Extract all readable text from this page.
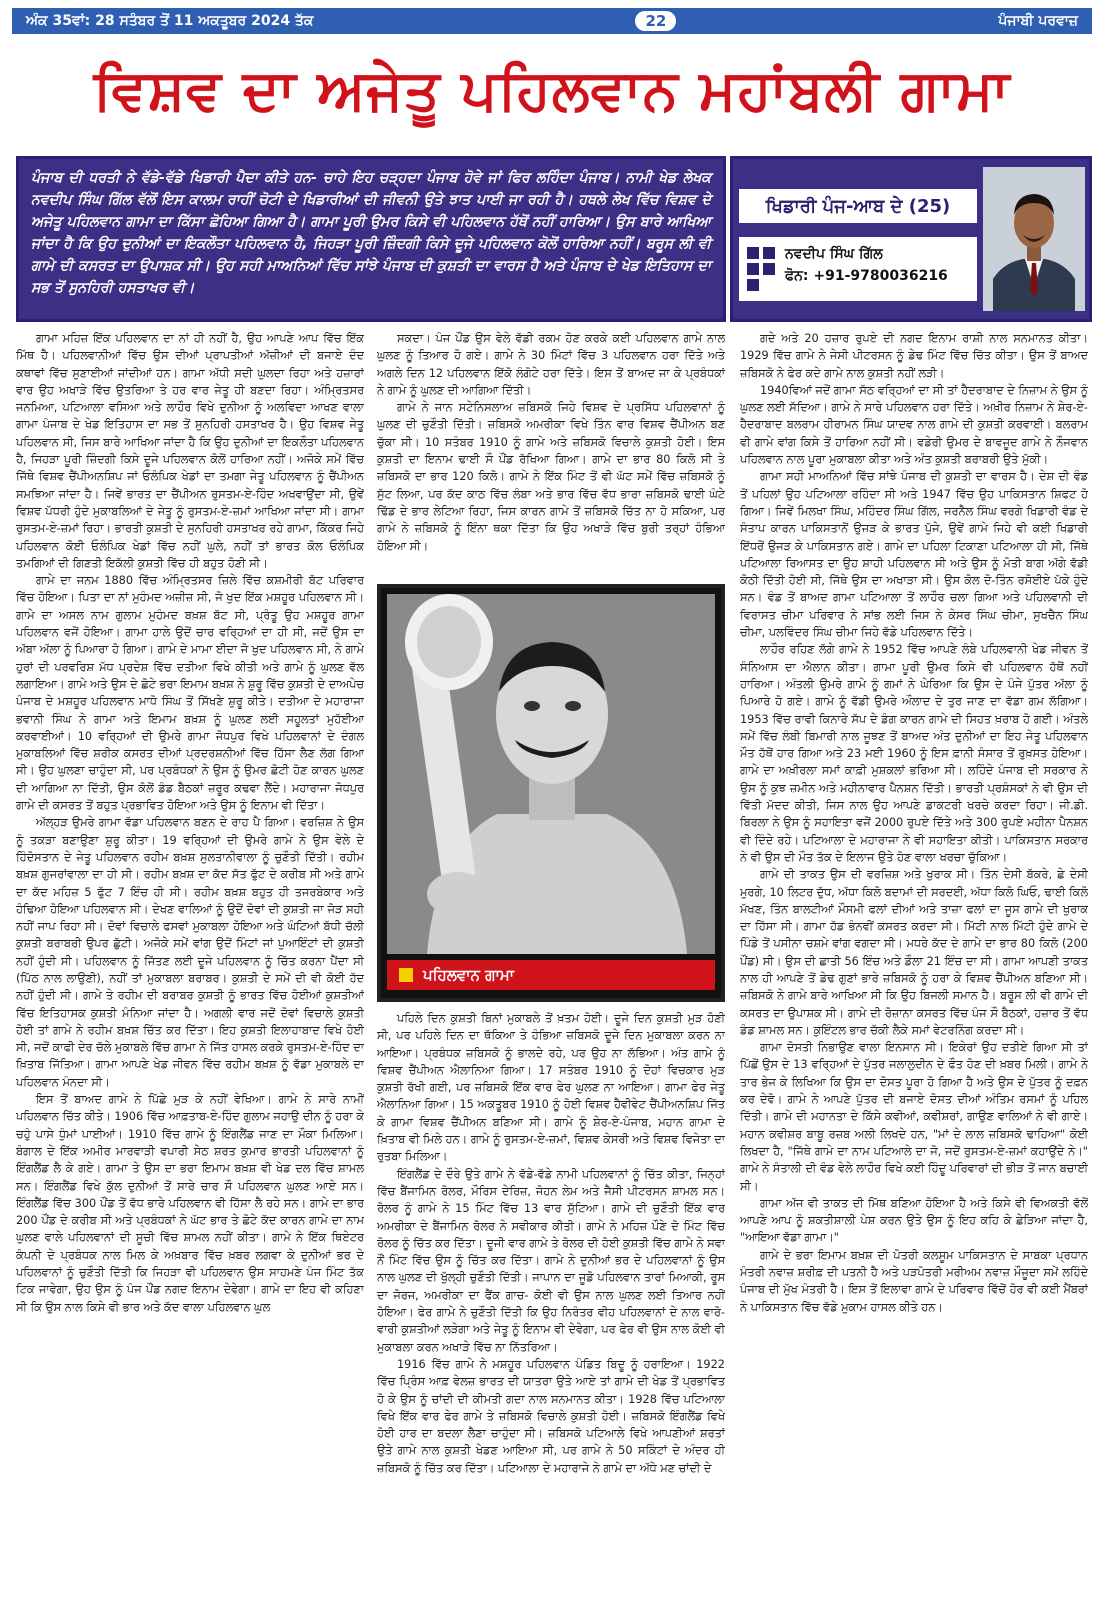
ਅੰਕ 35ਵਾਂ: 28 ਸਤੰਬਰ ਤੋਂ 11 ਅਕਤੂਬਰ 2024 ਤੱਕ	22	ਪੰਜਾਬੀ ਪਰਵਾਜ਼
ਵਿਸ਼ਵ ਦਾ ਅਜੇਤੂ ਪਹਿਲਵਾਨ ਮਹਾਂਬਲੀ ਗਾਮਾ
ਪੰਜਾਬ ਦੀ ਧਰਤੀ ਨੇ ਵੱਡੇ-ਵੱਡੇ ਖਿਡਾਰੀ ਪੈਦਾ ਕੀਤੇ ਹਨ- ਚਾਹੇ ਇਹ ਚੜ੍ਹਦਾ ਪੰਜਾਬ ਹੋਵੇ ਜਾਂ ਫਿਰ ਲਹਿੰਦਾ ਪੰਜਾਬ। ਨਾਮੀ ਖੇਡ ਲੇਖਕ ਨਵਦੀਪ ਸਿੰਘ ਗਿੱਲ ਵੱਲੋਂ ਇਸ ਕਾਲਮ ਰਾਹੀਂ ਚੋਟੀ ਦੇ ਖਿਡਾਰੀਆਂ ਦੀ ਜੀਵਨੀ ਉਤੇ ਝਾਤ ਪਾਈ ਜਾ ਰਹੀ ਹੈ। ਹਥਲੇ ਲੇਖ ਵਿੱਚ ਵਿਸ਼ਵ ਦੇ ਅਜੇਤੂ ਪਹਿਲਵਾਨ ਗਾਮਾ ਦਾ ਕਿੱਸਾ ਛੋਹਿਆ ਗਿਆ ਹੈ। ਗਾਮਾ ਪੂਰੀ ਉਮਰ ਕਿਸੇ ਵੀ ਪਹਿਲਵਾਨ ਹੱਥੋਂ ਨਹੀਂ ਹਾਰਿਆ। ਉਸ ਬਾਰੇ ਆਖਿਆ ਜਾਂਦਾ ਹੈ ਕਿ ਉਹ ਦੁਨੀਆਂ ਦਾ ਇਕਲੌਤਾ ਪਹਿਲਵਾਨ ਹੈ, ਜਿਹੜਾ ਪੂਰੀ ਜ਼ਿੰਦਗੀ ਕਿਸੇ ਦੂਜੇ ਪਹਿਲਵਾਨ ਕੋਲੋਂ ਹਾਰਿਆ ਨਹੀਂ। ਬਰੂਸ ਲੀ ਵੀ ਗਾਮੇ ਦੀ ਕਸਰਤ ਦਾ ਉਪਾਸ਼ਕ ਸੀ। ਉਹ ਸਹੀ ਮਾਅਨਿਆਂ ਵਿੱਚ ਸਾਂਝੇ ਪੰਜਾਬ ਦੀ ਕੁਸ਼ਤੀ ਦਾ ਵਾਰਸ ਹੈ ਅਤੇ ਪੰਜਾਬ ਦੇ ਖੇਡ ਇਤਿਹਾਸ ਦਾ ਸਭ ਤੋਂ ਸੁਨਹਿਰੀ ਹਸਤਾਖਰ ਵੀ।
ਖਿਡਾਰੀ ਪੰਜ-ਆਬ ਦੇ (25)
ਨਵਦੀਪ ਸਿੰਘ ਗਿੱਲ
ਫੋਨ: +91-9780036216

ਗਾਮਾ ਮਹਿਜ਼ ਇੱਕ ਪਹਿਲਵਾਨ ਦਾ ਨਾਂ ਹੀ ਨਹੀਂ ਹੈ, ਉਹ ਆਪਣੇ ਆਪ ਵਿੱਚ ਇੱਕ ਮਿੱਥ ਹੈ। ਪਹਿਲਵਾਨੀਆਂ ਵਿੱਚ ਉਸ ਦੀਆਂ ਪ੍ਰਾਪਤੀਆਂ ਅੱਜ਼ੀਆਂ ਦੀ ਬਜਾਏ ਦੰਦ ਕਥਾਵਾਂ ਵਿੱਚ ਸੁਣਾਈਆਂ ਜਾਂਦੀਆਂ ਹਨ। ਗਾਮਾ ਅੱਧੀ ਸਦੀ ਘੁਲਦਾ ਰਿਹਾ ਅਤੇ ਹਜ਼ਾਰਾਂ ਵਾਰ ਉਹ ਅਖਾੜੇ ਵਿੱਚ ਉਤਰਿਆ ਤੇ ਹਰ ਵਾਰ ਜੇਤੂ ਹੀ ਬਣਦਾ ਰਿਹਾ। ਅੰਮ੍ਰਿਤਸਰ ਜਨਮਿਆ, ਪਟਿਆਲਾ ਵਸਿਆ ਅਤੇ ਲਾਹੌਰ ਵਿਖੇ ਦੁਨੀਆ ਨੂੰ ਅਲਵਿਦਾ ਆਖਣ ਵਾਲਾ ਗਾਮਾ ਪੰਜਾਬ ਦੇ ਖੇਡ ਇਤਿਹਾਸ ਦਾ ਸਭ ਤੋਂ ਸੁਨਹਿਰੀ ਹਸਤਾਖਰ ਹੈ। ਉਹ ਵਿਸ਼ਵ ਜੇਤੂ ਪਹਿਲਵਾਨ ਸੀ, ਜਿਸ ਬਾਰੇ ਆਖਿਆ ਜਾਂਦਾ ਹੈ ਕਿ ਉਹ ਦੁਨੀਆਂ ਦਾ ਇਕਲੌਤਾ ਪਹਿਲਵਾਨ ਹੈ, ਜਿਹੜਾ ਪੂਰੀ ਜ਼ਿੰਦਗੀ ਕਿਸੇ ਦੂਜੇ ਪਹਿਲਵਾਨ ਕੋਲੋਂ ਹਾਰਿਆ ਨਹੀਂ। ਅਜੋਕੇ ਸਮੇਂ ਵਿੱਚ ਜਿੱਥੇ ਵਿਸ਼ਵ ਚੈਂਪੀਅਨਸ਼ਿਪ ਜਾਂ ਓਲੰਪਿਕ ਖੇਡਾਂ ਦਾ ਤਮਗਾ ਜੇਤੂ ਪਹਿਲਵਾਨ ਨੂੰ ਚੈਂਪੀਅਨ ਸਮਝਿਆ ਜਾਂਦਾ ਹੈ। ਜਿਵੇਂ ਭਾਰਤ ਦਾ ਚੈਂਪੀਅਨ ਰੁਸਤਮ-ਏ-ਹਿੰਦ ਅਖਵਾਉਂਦਾ ਸੀ, ਉਵੇਂ ਵਿਸ਼ਵ ਪੱਧਰੀ ਹੁੰਦੇ ਮੁਕਾਬਲਿਆਂ ਦੇ ਜੇਤੂ ਨੂੰ ਰੁਸਤਮ-ਏ-ਜ਼ਮਾਂ ਆਖਿਆ ਜਾਂਦਾ ਸੀ। ਗਾਮਾ ਰੁਸਤਮ-ਏ-ਜ਼ਮਾਂ ਰਿਹਾ। ਭਾਰਤੀ ਕੁਸ਼ਤੀ ਦੇ ਸੁਨਹਿਰੀ ਹਸਤਾਖਰ ਰਹੇ ਗਾਮਾ, ਕਿੱਕਰ ਜਿਹੇ ਪਹਿਲਵਾਨ ਕੋਈ ਓਲੰਪਿਕ ਖੇਡਾਂ ਵਿੱਚ ਨਹੀਂ ਘੁਲੇ, ਨਹੀਂ ਤਾਂ ਭਾਰਤ ਕੋਲ ਓਲੰਪਿਕ ਤਮਗਿਆਂ ਦੀ ਗਿਣਤੀ ਇਕੱਲੀ ਕੁਸ਼ਤੀ ਵਿੱਚ ਹੀ ਬਹੁਤ ਹੋਣੀ ਸੀ।

ਗਾਮੇ ਦਾ ਜਨਮ 1880 ਵਿੱਚ ਅੰਮ੍ਰਿਤਸਰ ਜ਼ਿਲੇ ਵਿੱਚ ਕਸ਼ਮੀਰੀ ਬੱਟ ਪਰਿਵਾਰ ਵਿੱਚ ਹੋਇਆ। ਪਿਤਾ ਦਾ ਨਾਂ ਮੁਹੰਮਦ ਅਜ਼ੀਜ਼ ਸੀ, ਜੋ ਖੁਦ ਇੱਕ ਮਸ਼ਹੂਰ ਪਹਿਲਵਾਨ ਸੀ। ਗਾਮੇ ਦਾ ਅਸਲ ਨਾਮ ਗੁਲਾਮ ਮੁਹੰਮਦ ਬਖ਼ਸ਼ ਬੱਟ ਸੀ, ਪ੍ਰੰਤੂ ਉਹ ਮਸ਼ਹੂਰ ਗਾਮਾ ਪਹਿਲਵਾਨ ਵਜੋਂ ਹੋਇਆ। ਗਾਮਾ ਹਾਲੇ ਉਦੋਂ ਚਾਰ ਵਰ੍ਹਿਆਂ ਦਾ ਹੀ ਸੀ, ਜਦੋਂ ਉਸ ਦਾ ਅੱਬਾ ਅੱਲਾ ਨੂੰ ਪਿਆਰਾ ਹੋ ਗਿਆ। ਗਾਮੇ ਦੇ ਮਾਮਾ ਈਦਾ ਜੋ ਖੁਦ ਪਹਿਲਵਾਨ ਸੀ, ਨੇ ਗਾਮੇ ਹੁਰਾਂ ਦੀ ਪਰਵਰਿਸ਼ ਮੱਧ ਪ੍ਰਦੇਸ਼ ਵਿੱਚ ਦਤੀਆ ਵਿਖੇ ਕੀਤੀ ਅਤੇ ਗਾਮੇ ਨੂੰ ਘੁਲਣ ਵੱਲ ਲਗਾਇਆ। ਗਾਮੇ ਅਤੇ ਉਸ ਦੇ ਛੋਟੇ ਭਰਾ ਇਮਾਮ ਬਖ਼ਸ਼ ਨੇ ਸ਼ੁਰੂ ਵਿੱਚ ਕੁਸ਼ਤੀ ਦੇ ਦਾਅਪੇਚ ਪੰਜਾਬ ਦੇ ਮਸ਼ਹੂਰ ਪਹਿਲਵਾਨ ਮਾਧੋ ਸਿੰਘ ਤੋਂ ਸਿੱਖਣੇ ਸ਼ੁਰੂ ਕੀਤੇ। ਦਤੀਆ ਦੇ ਮਹਾਰਾਜਾ ਭਵਾਨੀ ਸਿੰਘ ਨੇ ਗਾਮਾ ਅਤੇ ਇਮਾਮ ਬਖ਼ਸ਼ ਨੂੰ ਘੁਲਣ ਲਈ ਸਹੂਲਤਾਂ ਮੁਹੱਈਆ ਕਰਵਾਈਆਂ। 10 ਵਰ੍ਹਿਆਂ ਦੀ ਉਮਰੇ ਗਾਮਾ ਜੋਧਪੁਰ ਵਿਖੇ ਪਹਿਲਵਾਨਾਂ ਦੇ ਦੰਗਲ ਮੁਕਾਬਲਿਆਂ ਵਿੱਚ ਸ਼ਰੀਕ ਕਸਰਤ ਦੀਆਂ ਪ੍ਰਦਰਸ਼ਨੀਆਂ ਵਿੱਚ ਹਿੱਸਾ ਲੈਣ ਲੱਗ ਗਿਆ ਸੀ। ਉਹ ਘੁਲਣਾ ਚਾਹੁੰਦਾ ਸੀ, ਪਰ ਪ੍ਰਬੰਧਕਾਂ ਨੇ ਉਸ ਨੂੰ ਉਮਰ ਛੋਟੀ ਹੋਣ ਕਾਰਨ ਘੁਲਣ ਦੀ ਆਗਿਆ ਨਾ ਦਿੱਤੀ, ਉਸ ਕੋਲੋਂ ਡੰਡ ਬੈਠਕਾਂ ਜ਼ਰੂਰ ਕਢਵਾ ਲੈਂਦੇ। ਮਹਾਰਾਜਾ ਜੋਧਪੁਰ ਗਾਮੇ ਦੀ ਕਸਰਤ ਤੋਂ ਬਹੁਤ ਪ੍ਰਭਾਵਿਤ ਹੋਇਆ ਅਤੇ ਉਸ ਨੂੰ ਇਨਾਮ ਵੀ ਦਿੱਤਾ।

ਅੱਲ੍ਹੜ ਉਮਰੇ ਗਾਮਾ ਵੱਡਾ ਪਹਿਲਵਾਨ ਬਣਨ ਦੇ ਰਾਹ ਪੈ ਗਿਆ। ਵਰਜ਼ਿਸ਼ ਨੇ ਉਸ ਨੂੰ ਤਕੜਾ ਬਣਾਉਣਾ ਸ਼ੁਰੂ ਕੀਤਾ। 19 ਵਰ੍ਹਿਆਂ ਦੀ ਉਮਰੇ ਗਾਮੇ ਨੇ ਉਸ ਵੇਲੇ ਦੇ ਹਿੰਦੋਸਤਾਨ ਦੇ ਜੇਤੂ ਪਹਿਲਵਾਨ ਰਹੀਮ ਬਖ਼ਸ਼ ਸੁਲਤਾਨੀਵਾਲਾ ਨੂੰ ਚੁਣੌਤੀ ਦਿੱਤੀ। ਰਹੀਮ ਬਖ਼ਸ਼ ਗੁਜਰਾਂਵਾਲਾ ਦਾ ਹੀ ਸੀ। ਰਹੀਮ ਬਖ਼ਸ਼ ਦਾ ਕੱਦ ਸੱਤ ਫੁੱਟ ਦੇ ਕਰੀਬ ਸੀ ਅਤੇ ਗਾਮੇ ਦਾ ਕੱਦ ਮਹਿਜ਼ 5 ਫੁੱਟ 7 ਇੰਚ ਹੀ ਸੀ। ਰਹੀਮ ਬਖ਼ਸ਼ ਬਹੁਤ ਹੀ ਤਜਰਬੇਕਾਰ ਅਤੇ ਹੰਢਿਆ ਹੋਇਆ ਪਹਿਲਵਾਨ ਸੀ। ਦੇਖਣ ਵਾਲਿਆਂ ਨੂੰ ਉਦੋਂ ਦੋਵਾਂ ਦੀ ਕੁਸ਼ਤੀ ਜਾ ਜੋੜ ਸਹੀ ਨਹੀਂ ਜਾਪ ਰਿਹਾ ਸੀ। ਦੋਵਾਂ ਵਿਚਾਲੇ ਫਸਵਾਂ ਮੁਕਾਬਲਾ ਹੋਇਆ ਅਤੇ ਘੰਟਿਆਂ ਬੱਧੀ ਚੱਲੀ ਕੁਸ਼ਤੀ ਬਰਾਬਰੀ ਉਪਰ ਛੁੱਟੀ। ਅਜੋਕੇ ਸਮੇਂ ਵਾਂਗ ਉਦੋਂ ਮਿੰਟਾਂ ਜਾਂ ਪੁਆਇੰਟਾਂ ਦੀ ਕੁਸ਼ਤੀ ਨਹੀਂ ਹੁੰਦੀ ਸੀ। ਪਹਿਲਵਾਨ ਨੂੰ ਜਿੱਤਣ ਲਈ ਦੂਜੇ ਪਹਿਲਵਾਨ ਨੂੰ ਚਿੱਤ ਕਰਨਾ ਪੈਂਦਾ ਸੀ (ਪਿੱਠ ਨਾਲ ਲਾਉਣੀ), ਨਹੀਂ ਤਾਂ ਮੁਕਾਬਲਾ ਬਰਾਬਰ। ਕੁਸ਼ਤੀ ਦੇ ਸਮੇਂ ਦੀ ਵੀ ਕੋਈ ਹੱਦ ਨਹੀਂ ਹੁੰਦੀ ਸੀ। ਗਾਮੇ ਤੇ ਰਹੀਮ ਦੀ ਬਰਾਬਰ ਕੁਸ਼ਤੀ ਨੂੰ ਭਾਰਤ ਵਿੱਚ ਹੋਈਆਂ ਕੁਸ਼ਤੀਆਂ ਵਿੱਚ ਇਤਿਹਾਸਕ ਕੁਸ਼ਤੀ ਮੰਨਿਆ ਜਾਂਦਾ ਹੈ। ਅਗਲੀ ਵਾਰ ਜਦੋਂ ਦੋਵਾਂ ਵਿਚਾਲੇ ਕੁਸ਼ਤੀ ਹੋਈ ਤਾਂ ਗਾਮੇ ਨੇ ਰਹੀਮ ਬਖ਼ਸ਼ ਚਿੱਤ ਕਰ ਦਿੱਤਾ। ਇਹ ਕੁਸ਼ਤੀ ਇਲਾਹਾਬਾਦ ਵਿਖੇ ਹੋਈ ਸੀ, ਜਦੋਂ ਕਾਫੀ ਦੇਰ ਚੱਲੇ ਮੁਕਾਬਲੇ ਵਿੱਚ ਗਾਮਾ ਨੇ ਜਿੱਤ ਹਾਸਲ ਕਰਕੇ ਰੁਸਤਮ-ਏ-ਹਿੰਦ ਦਾ ਖ਼ਿਤਾਬ ਜਿੱਤਿਆ। ਗਾਮਾ ਆਪਣੇ ਖੇਡ ਜੀਵਨ ਵਿੱਚ ਰਹੀਮ ਬਖ਼ਸ਼ ਨੂੰ ਵੱਡਾ ਮੁਕਾਬਲੇ ਦਾ ਪਹਿਲਵਾਨ ਮੰਨਦਾ ਸੀ।

ਇਸ ਤੋਂ ਬਾਅਦ ਗਾਮੇ ਨੇ ਪਿੱਛੇ ਮੁੜ ਕੇ ਨਹੀਂ ਵੇਖਿਆ। ਗਾਮੇ ਨੇ ਸਾਰੇ ਨਾਮੀਂ ਪਹਿਲਵਾਨ ਚਿੱਤ ਕੀਤੇ। 1906 ਵਿੱਚ ਆਫ਼ਤਾਬ-ਏ-ਹਿੰਦ ਗੁਲਾਮ ਜਹਾਉ ਦੀਨ ਨੂੰ ਹਰਾ ਕੇ ਚਹੁੰ ਪਾਸੇ ਧੁੰਮਾਂ ਪਾਈਆਂ। 1910 ਵਿੱਚ ਗਾਮੇ ਨੂੰ ਇੰਗਲੈਂਡ ਜਾਣ ਦਾ ਮੌਕਾ ਮਿਲਿਆ। ਬੰਗਾਲ ਦੇ ਇੱਕ ਅਮੀਰ ਮਾਰਵਾੜੀ ਵਪਾਰੀ ਸੇਠ ਸ਼ਰਤ ਕੁਮਾਰ ਭਾਰਤੀ ਪਹਿਲਵਾਨਾਂ ਨੂੰ ਇੰਗਲੈਂਡ ਲੈ ਕੇ ਗਏ। ਗਾਮਾ ਤੇ ਉਸ ਦਾ ਭਰਾ ਇਮਾਮ ਬਖ਼ਸ਼ ਵੀ ਖੇਡ ਦਲ ਵਿੱਚ ਸ਼ਾਮਲ ਸਨ। ਇੰਗਲੈਂਡ ਵਿਖੇ ਕੁੱਲ ਦੁਨੀਆਂ ਤੋਂ ਸਾਰੇ ਚਾਰ ਸੌ ਪਹਿਲਵਾਨ ਘੁਲਣ ਆਏ ਸਨ। ਇੰਗਲੈਂਡ ਵਿੱਚ 300 ਪੌਂਡ ਤੋਂ ਵੱਧ ਭਾਰੇ ਪਹਿਲਵਾਨ ਵੀ ਹਿੱਸਾ ਲੈ ਰਹੇ ਸਨ। ਗਾਮੇ ਦਾ ਭਾਰ 200 ਪੌਂਡ ਦੇ ਕਰੀਬ ਸੀ ਅਤੇ ਪ੍ਰਬੰਧਕਾਂ ਨੇ ਘੱਟ ਭਾਰ ਤੇ ਛੋਟੇ ਕੱਦ ਕਾਰਨ ਗਾਮੇ ਦਾ ਨਾਮ ਘੁਲਣ ਵਾਲੇ ਪਹਿਲਵਾਨਾਂ ਦੀ ਸੂਚੀ ਵਿੱਚ ਸ਼ਾਮਲ ਨਹੀਂ ਕੀਤਾ। ਗਾਮੇ ਨੇ ਇੱਕ ਥਿਏਟਰ ਕੰਪਨੀ ਦੇ ਪ੍ਰਬੰਧਕ ਨਾਲ ਮਿਲ ਕੇ ਅਖ਼ਬਾਰ ਵਿੱਚ ਖ਼ਬਰ ਲਗਵਾ ਕੇ ਦੁਨੀਆਂ ਭਰ ਦੇ ਪਹਿਲਵਾਨਾਂ ਨੂੰ ਚੁਣੌਤੀ ਦਿੱਤੀ ਕਿ ਜਿਹੜਾ ਵੀ ਪਹਿਲਵਾਨ ਉਸ ਸਾਹਮਣੇ ਪੰਜ ਮਿੰਟ ਤੱਕ ਟਿਕ ਜਾਵੇਗਾ, ਉਹ ਉਸ ਨੂੰ ਪੰਜ ਪੌਂਡ ਨਗਦ ਇਨਾਮ ਦੇਵੇਗਾ। ਗਾਮੇ ਦਾ ਇਹ ਵੀ ਕਹਿਣਾ ਸੀ ਕਿ ਉਸ ਨਾਲ ਕਿਸੇ ਵੀ ਭਾਰ ਅਤੇ ਕੱਦ ਵਾਲਾ ਪਹਿਲਵਾਨ ਘੁਲ

ਸਕਦਾ। ਪੰਜ ਪੌਂਡ ਉਸ ਵੇਲੇ ਵੱਡੀ ਰਕਮ ਹੋਣ ਕਰਕੇ ਕਈ ਪਹਿਲਵਾਨ ਗਾਮੇ ਨਾਲ ਘੁਲਣ ਨੂੰ ਤਿਆਰ ਹੋ ਗਏ। ਗਾਮੇ ਨੇ 30 ਮਿੰਟਾਂ ਵਿੱਚ 3 ਪਹਿਲਵਾਨ ਹਰਾ ਦਿੱਤੇ ਅਤੇ ਅਗਲੇ ਦਿਨ 12 ਪਹਿਲਵਾਨ ਇੱਕੋ ਲੰਗੋਟੇ ਹਰਾ ਦਿੱਤੇ। ਇਸ ਤੋਂ ਬਾਅਦ ਜਾ ਕੇ ਪ੍ਰਬੰਧਕਾਂ ਨੇ ਗਾਮੇ ਨੂੰ ਘੁਲਣ ਦੀ ਆਗਿਆ ਦਿੱਤੀ।

ਗਾਮੇ ਨੇ ਜਾਨ ਸਟੇਨਿਸਲਾਅ ਜ਼ਬਿਸਕੋ ਜਿਹੇ ਵਿਸ਼ਵ ਦੇ ਪ੍ਰਸਿੱਧ ਪਹਿਲਵਾਨਾਂ ਨੂੰ ਘੁਲਣ ਦੀ ਚੁਣੌਤੀ ਦਿੱਤੀ। ਜ਼ਬਿਸਕੋ ਅਮਰੀਕਾ ਵਿਖੇ ਤਿੰਨ ਵਾਰ ਵਿਸ਼ਵ ਚੈਂਪੀਅਨ ਬਣ ਚੁੱਕਾ ਸੀ। 10 ਸਤੰਬਰ 1910 ਨੂੰ ਗਾਮੇ ਅਤੇ ਜ਼ਬਿਸਕੋ ਵਿਚਾਲੇ ਕੁਸ਼ਤੀ ਹੋਈ। ਇਸ ਕੁਸ਼ਤੀ ਦਾ ਇਨਾਮ ਢਾਈ ਸੌ ਪੌਂਡ ਰੱਖਿਆ ਗਿਆ। ਗਾਮੇ ਦਾ ਭਾਰ 80 ਕਿਲੋ ਸੀ ਤੇ ਜ਼ਬਿਸਕੋ ਦਾ ਭਾਰ 120 ਕਿਲੋ। ਗਾਮੇ ਨੇ ਇੱਕ ਮਿੰਟ ਤੋਂ ਵੀ ਘੱਟ ਸਮੇਂ ਵਿੱਚ ਜ਼ਬਿਸਕੋ ਨੂੰ ਸੁੱਟ ਲਿਆ, ਪਰ ਕੱਦ ਕਾਠ ਵਿੱਚ ਲੰਬਾ ਅਤੇ ਭਾਰ ਵਿੱਚ ਵੱਧ ਭਾਰਾ ਜ਼ਬਿਸਕੋ ਢਾਈ ਘੰਟੇ ਢਿੱਡ ਦੇ ਭਾਰ ਲੇਟਿਆ ਰਿਹਾ, ਜਿਸ ਕਾਰਨ ਗਾਮੇ ਤੋਂ ਜ਼ਬਿਸਕੋ ਚਿੱਤ ਨਾ ਹੋ ਸਕਿਆ, ਪਰ ਗਾਮੇ ਨੇ ਜ਼ਬਿਸਕੋ ਨੂੰ ਇੰਨਾ ਥਕਾ ਦਿੱਤਾ ਕਿ ਉਹ ਅਖਾੜੇ ਵਿੱਚ ਬੁਰੀ ਤਰ੍ਹਾਂ ਹੰਭਿਆ ਹੋਇਆ ਸੀ।

ਪਹਿਲਵਾਨ ਗਾਮਾ

ਪਹਿਲੇ ਦਿਨ ਕੁਸ਼ਤੀ ਬਿਨਾਂ ਮੁਕਾਬਲੇ ਤੋਂ ਖ਼ਤਮ ਹੋਈ। ਦੂਜੇ ਦਿਨ ਕੁਸ਼ਤੀ ਮੁੜ ਹੋਣੀ ਸੀ, ਪਰ ਪਹਿਲੇ ਦਿਨ ਦਾ ਥੱਕਿਆ ਤੇ ਹੰਭਿਆ ਜ਼ਬਿਸਕੋ ਦੂਜੇ ਦਿਨ ਮੁਕਾਬਲਾ ਕਰਨ ਨਾ ਆਇਆ। ਪ੍ਰਬੰਧਕ ਜ਼ਬਿਸਕੋ ਨੂੰ ਭਾਲਦੇ ਰਹੇ, ਪਰ ਉਹ ਨਾ ਲੱਭਿਆ। ਅੰਤ ਗਾਮੇ ਨੂੰ ਵਿਸ਼ਵ ਚੈਂਪੀਅਨ ਐਲਾਨਿਆ ਗਿਆ। 17 ਸਤੰਬਰ 1910 ਨੂੰ ਦੋਹਾਂ ਵਿਚਕਾਰ ਮੁੜ ਕੁਸ਼ਤੀ ਰੱਖੀ ਗਈ, ਪਰ ਜ਼ਬਿਸਕੋ ਇੱਕ ਵਾਰ ਫੇਰ ਘੁਲਣ ਨਾ ਆਇਆ। ਗਾਮਾ ਫੇਰ ਜੇਤੂ ਐਲਾਨਿਆ ਗਿਆ। 15 ਅਕਤੂਬਰ 1910 ਨੂੰ ਹੋਈ ਵਿਸ਼ਵ ਹੈਵੀਵੇਟ ਚੈਂਪੀਅਨਸ਼ਿਪ ਜਿੱਤ ਕੇ ਗਾਮਾ ਵਿਸ਼ਵ ਚੈਂਪੀਅਨ ਬਣਿਆ ਸੀ। ਗਾਮੇ ਨੂੰ ਸ਼ੇਰ-ਏ-ਪੰਜਾਬ, ਮਹਾਨ ਗਾਮਾ ਦੇ ਖ਼ਿਤਾਬ ਵੀ ਮਿਲੇ ਹਨ। ਗਾਮੇ ਨੂੰ ਰੁਸਤਮ-ਏ-ਜ਼ਮਾਂ, ਵਿਸ਼ਵ ਕੇਸਰੀ ਅਤੇ ਵਿਸ਼ਵ ਵਿਜੇਤਾ ਦਾ ਰੁਤਬਾ ਮਿਲਿਆ।

ਇੰਗਲੈਂਡ ਦੇ ਦੌਰੇ ਉਤੇ ਗਾਮੇ ਨੇ ਵੱਡੇ-ਵੱਡੇ ਨਾਮੀ ਪਹਿਲਵਾਨਾਂ ਨੂੰ ਚਿੱਤ ਕੀਤਾ, ਜਿਨ੍ਹਾਂ ਵਿੱਚ ਬੈਂਜਾਮਿਨ ਰੋਲਰ, ਮੌਰਿਸ ਦੇਰਿਜ਼, ਜੋਹਨ ਲੇਮ ਅਤੇ ਜੈਸੀ ਪੀਟਰਸਨ ਸ਼ਾਮਲ ਸਨ। ਰੋਲਰ ਨੂੰ ਗਾਮੇ ਨੇ 15 ਮਿੰਟ ਵਿੱਚ 13 ਵਾਰ ਸੁੱਟਿਆ। ਗਾਮੇ ਦੀ ਚੁਣੌਤੀ ਇੱਕ ਵਾਰ ਅਮਰੀਕਾ ਦੇ ਬੈਂਜਾਮਿਨ ਰੋਲਰ ਨੇ ਸਵੀਕਾਰ ਕੀਤੀ। ਗਾਮੇ ਨੇ ਮਹਿਜ਼ ਪੌਣੇ ਦੋ ਮਿੰਟ ਵਿੱਚ ਰੋਲਰ ਨੂੰ ਚਿੱਤ ਕਰ ਦਿੱਤਾ। ਦੂਜੀ ਵਾਰ ਗਾਮੇ ਤੇ ਰੋਲਰ ਦੀ ਹੋਈ ਕੁਸ਼ਤੀ ਵਿੱਚ ਗਾਮੇ ਨੇ ਸਵਾ ਨੌਂ ਮਿੰਟ ਵਿੱਚ ਉਸ ਨੂੰ ਚਿੱਤ ਕਰ ਦਿੱਤਾ। ਗਾਮੇ ਨੇ ਦੁਨੀਆਂ ਭਰ ਦੇ ਪਹਿਲਵਾਨਾਂ ਨੂੰ ਉਸ ਨਾਲ ਘੁਲਣ ਦੀ ਖੁੱਲ੍ਹੀ ਚੁਣੌਤੀ ਦਿੱਤੀ। ਜਾਪਾਨ ਦਾ ਜੂਡੋ ਪਹਿਲਵਾਨ ਤਾਰਾਂ ਮਿਆਕੀ, ਰੂਸ ਦਾ ਜੋਰਜ, ਅਮਰੀਕਾ ਦਾ ਫੈਂਕ ਗਾਚ- ਕੋਈ ਵੀ ਉਸ ਨਾਲ ਘੁਲਣ ਲਈ ਤਿਆਰ ਨਹੀਂ ਹੋਇਆ। ਫੇਰ ਗਾਮੇ ਨੇ ਚੁਣੌਤੀ ਦਿੱਤੀ ਕਿ ਉਹ ਨਿਰੰਤਰ ਵੀਹ ਪਹਿਲਵਾਨਾਂ ਦੇ ਨਾਲ ਵਾਰੋ-ਵਾਰੀ ਕੁਸ਼ਤੀਆਂ ਲੜੇਗਾ ਅਤੇ ਜੇਤੂ ਨੂੰ ਇਨਾਮ ਵੀ ਦੇਵੇਗਾ, ਪਰ ਫੇਰ ਵੀ ਉਸ ਨਾਲ ਕੋਈ ਵੀ ਮੁਕਾਬਲਾ ਕਰਨ ਅਖਾੜੇ ਵਿੱਚ ਨਾ ਨਿੱਤਰਿਆ।

1916 ਵਿੱਚ ਗਾਮੇ ਨੇ ਮਸ਼ਹੂਰ ਪਹਿਲਵਾਨ ਪੰਡਿਤ ਬਿਦੂ ਨੂੰ ਹਰਾਇਆ। 1922 ਵਿੱਚ ਪ੍ਰਿੰਸ ਆਫ਼ ਵੇਲਜ਼ ਭਾਰਤ ਦੀ ਯਾਤਰਾ ਉਤੇ ਆਏ ਤਾਂ ਗਾਮੇ ਦੀ ਖੇਡ ਤੋਂ ਪ੍ਰਭਾਵਿਤ ਹੋ ਕੇ ਉਸ ਨੂੰ ਚਾਂਦੀ ਦੀ ਕੀਮਤੀ ਗਦਾ ਨਾਲ ਸਨਮਾਨਤ ਕੀਤਾ। 1928 ਵਿੱਚ ਪਟਿਆਲਾ ਵਿਖੇ ਇੱਕ ਵਾਰ ਫੇਰ ਗਾਮੇ ਤੇ ਜ਼ਬਿਸਕੋ ਵਿਚਾਲੇ ਕੁਸ਼ਤੀ ਹੋਈ। ਜ਼ਬਿਸਕੋ ਇੰਗਲੈਂਡ ਵਿਖੇ ਹੋਈ ਹਾਰ ਦਾ ਬਦਲਾ ਲੈਣਾ ਚਾਹੁੰਦਾ ਸੀ। ਜ਼ਬਿਸਕੋ ਪਟਿਆਲੇ ਵਿਖੇ ਆਪਣੀਆਂ ਸ਼ਰਤਾਂ ਉਤੇ ਗਾਮੇ ਨਾਲ ਕੁਸ਼ਤੀ ਖੇਡਣ ਆਇਆ ਸੀ, ਪਰ ਗਾਮੇ ਨੇ 50 ਸਕਿੰਟਾਂ ਦੇ ਅੰਦਰ ਹੀ ਜ਼ਬਿਸਕੋ ਨੂੰ ਚਿੱਤ ਕਰ ਦਿੱਤਾ। ਪਟਿਆਲਾ ਦੇ ਮਹਾਰਾਜੇ ਨੇ ਗਾਮੇ ਦਾ ਅੱਧੇ ਮਣ ਚਾਂਦੀ ਦੇ

ਗਦੇ ਅਤੇ 20 ਹਜ਼ਾਰ ਰੁਪਏ ਦੀ ਨਗਦ ਇਨਾਮ ਰਾਸ਼ੀ ਨਾਲ ਸਨਮਾਨਤ ਕੀਤਾ। 1929 ਵਿੱਚ ਗਾਮੇ ਨੇ ਜੇਸੀ ਪੀਟਰਸਨ ਨੂੰ ਡੇਢ ਮਿੰਟ ਵਿੱਚ ਚਿੱਤ ਕੀਤਾ। ਉਸ ਤੋਂ ਬਾਅਦ ਜ਼ਬਿਸਕੋ ਨੇ ਫੇਰ ਕਦੇ ਗਾਮੇ ਨਾਲ ਕੁਸ਼ਤੀ ਨਹੀਂ ਲੜੀ।

1940ਵਿਆਂ ਜਦੋਂ ਗਾਮਾ ਸੱਠ ਵਰ੍ਹਿਆਂ ਦਾ ਸੀ ਤਾਂ ਹੈਦਰਾਬਾਦ ਦੇ ਨਿਜ਼ਾਮ ਨੇ ਉਸ ਨੂੰ ਘੁਲਣ ਲਈ ਸੱਦਿਆ। ਗਾਮੇ ਨੇ ਸਾਰੇ ਪਹਿਲਵਾਨ ਹਰਾ ਦਿੱਤੇ। ਅਖ਼ੀਰ ਨਿਜ਼ਾਮ ਨੇ ਸ਼ੇਰ-ਏ-ਹੈਦਰਾਬਾਦ ਬਲਰਾਮ ਹੀਰਾਮਨ ਸਿੰਘ ਯਾਦਵ ਨਾਲ ਗਾਮੇ ਦੀ ਕੁਸ਼ਤੀ ਕਰਵਾਈ। ਬਲਰਾਮ ਵੀ ਗਾਮੇ ਵਾਂਗ ਕਿਸੇ ਤੋਂ ਹਾਰਿਆ ਨਹੀਂ ਸੀ। ਵਡੇਰੀ ਉਮਰ ਦੇ ਬਾਵਜੂਦ ਗਾਮੇ ਨੇ ਨੌਜਵਾਨ ਪਹਿਲਵਾਨ ਨਾਲ ਪੂਰਾ ਮੁਕਾਬਲਾ ਕੀਤਾ ਅਤੇ ਅੰਤ ਕੁਸ਼ਤੀ ਬਰਾਬਰੀ ਉਤੇ ਮੁੱਕੀ।

ਗਾਮਾ ਸਹੀ ਮਾਅਨਿਆਂ ਵਿੱਚ ਸਾਂਝੇ ਪੰਜਾਬ ਦੀ ਕੁਸ਼ਤੀ ਦਾ ਵਾਰਸ ਹੈ। ਦੇਸ਼ ਦੀ ਵੰਡ ਤੋਂ ਪਹਿਲਾਂ ਉਹ ਪਟਿਆਲਾ ਰਹਿੰਦਾ ਸੀ ਅਤੇ 1947 ਵਿੱਚ ਉਹ ਪਾਕਿਸਤਾਨ ਸ਼ਿਫਟ ਹੋ ਗਿਆ। ਜਿਵੇਂ ਮਿਲਖਾ ਸਿੰਘ, ਮਹਿੰਦਰ ਸਿੰਘ ਗਿੱਲ, ਜਰਨੈਲ ਸਿੰਘ ਵਰਗੇ ਖਿਡਾਰੀ ਵੰਡ ਦੇ ਸੰਤਾਪ ਕਾਰਨ ਪਾਕਿਸਤਾਨੋਂ ਉਜੜ ਕੇ ਭਾਰਤ ਪੁੱਜੇ, ਉਵੇਂ ਗਾਮੇ ਜਿਹੇ ਵੀ ਕਈ ਖਿਡਾਰੀ ਇੱਧਰੋਂ ਉਜੜ ਕੇ ਪਾਕਿਸਤਾਨ ਗਏ। ਗਾਮੇ ਦਾ ਪਹਿਲਾ ਟਿਕਾਣਾ ਪਟਿਆਲਾ ਹੀ ਸੀ, ਜਿੱਥੇ ਪਟਿਆਲਾ ਰਿਆਸਤ ਦਾ ਉਹ ਸ਼ਾਹੀ ਪਹਿਲਵਾਨ ਸੀ ਅਤੇ ਉਸ ਨੂੰ ਮੋਤੀ ਬਾਗ ਅੱਗੇ ਵੱਡੀ ਕੋਠੀ ਦਿੱਤੀ ਹੋਈ ਸੀ, ਜਿੱਥੇ ਉਸ ਦਾ ਅਖਾੜਾ ਸੀ। ਉਸ ਕੋਲ ਦੋ-ਤਿੰਨ ਰਸੋਈਏ ਪੱਕੇ ਹੁੰਦੇ ਸਨ। ਵੰਡ ਤੋਂ ਬਾਅਦ ਗਾਮਾ ਪਟਿਆਲਾ ਤੋਂ ਲਾਹੌਰ ਚਲਾ ਗਿਆ ਅਤੇ ਪਹਿਲਵਾਨੀ ਦੀ ਵਿਰਾਸਤ ਚੀਮਾ ਪਰਿਵਾਰ ਨੇ ਸਾਂਭ ਲਈ ਜਿਸ ਨੇ ਕੇਸਰ ਸਿੰਘ ਚੀਮਾ, ਸੁਖਚੈਨ ਸਿੰਘ ਚੀਮਾ, ਪਲਵਿੰਦਰ ਸਿੰਘ ਚੀਮਾ ਜਿਹੇ ਵੱਡੇ ਪਹਿਲਵਾਨ ਦਿੱਤੇ।

ਲਾਹੌਰ ਰਹਿਣ ਲੱਗੇ ਗਾਮੇ ਨੇ 1952 ਵਿੱਚ ਆਪਣੇ ਲੰਬੇ ਪਹਿਲਵਾਨੀ ਖੇਡ ਜੀਵਨ ਤੋਂ ਸੰਨਿਆਸ ਦਾ ਐਲਾਨ ਕੀਤਾ। ਗਾਮਾ ਪੂਰੀ ਉਮਰ ਕਿਸੇ ਵੀ ਪਹਿਲਵਾਨ ਹੱਥੋਂ ਨਹੀਂ ਹਾਰਿਆ। ਅੰਤਲੀ ਉਮਰੇ ਗਾਮੇ ਨੂੰ ਗਮਾਂ ਨੇ ਘੇਰਿਆ ਕਿ ਉਸ ਦੇ ਪੰਜੇ ਪੁੱਤਰ ਅੱਲਾ ਨੂੰ ਪਿਆਰੇ ਹੋ ਗਏ। ਗਾਮੇ ਨੂੰ ਵੱਡੀ ਉਮਰੇ ਔਲਾਦ ਦੇ ਤੁਰ ਜਾਣ ਦਾ ਵੱਡਾ ਗਮ ਲੱਗਿਆ। 1953 ਵਿੱਚ ਰਾਵੀ ਕਿਨਾਰੇ ਸੱਪ ਦੇ ਡੰਗ ਕਾਰਨ ਗਾਮੇ ਦੀ ਸਿਹਤ ਖ਼ਰਾਬ ਹੋ ਗਈ। ਅੰਤਲੇ ਸਮੇਂ ਵਿੱਚ ਲੰਬੀ ਬਿਮਾਰੀ ਨਾਲ ਜੂਝਣ ਤੋਂ ਬਾਅਦ ਅੰਤ ਦੁਨੀਆਂ ਦਾ ਇਹ ਜੇਤੂ ਪਹਿਲਵਾਨ ਮੌਤ ਹੱਥੋਂ ਹਾਰ ਗਿਆ ਅਤੇ 23 ਮਈ 1960 ਨੂੰ ਇਸ ਫ਼ਾਨੀ ਸੰਸਾਰ ਤੋਂ ਰੁਖ਼ਸਤ ਹੋਇਆ। ਗਾਮੇ ਦਾ ਅਖ਼ੀਰਲਾ ਸਮਾਂ ਕਾਫ਼ੀ ਮੁਸ਼ਕਲਾਂ ਭਰਿਆ ਸੀ। ਲਹਿੰਦੇ ਪੰਜਾਬ ਦੀ ਸਰਕਾਰ ਨੇ ਉਸ ਨੂੰ ਕੁਝ ਜ਼ਮੀਨ ਅਤੇ ਮਹੀਨਾਵਾਰ ਪੈਨਸ਼ਨ ਦਿੱਤੀ। ਭਾਰਤੀ ਪ੍ਰਸ਼ੰਸਕਾਂ ਨੇ ਵੀ ਉਸ ਦੀ ਵਿੱਤੀ ਮੱਦਦ ਕੀਤੀ, ਜਿਸ ਨਾਲ ਉਹ ਆਪਣੇ ਡਾਕਟਰੀ ਖਰਚੇ ਕਰਦਾ ਰਿਹਾ। ਜੀ.ਡੀ. ਬਿਰਲਾ ਨੇ ਉਸ ਨੂੰ ਸਹਾਇਤਾ ਵਜੋਂ 2000 ਰੁਪਏ ਦਿੱਤੇ ਅਤੇ 300 ਰੁਪਏ ਮਹੀਨਾ ਪੈਨਸ਼ਨ ਵੀ ਦਿੰਦੇ ਰਹੇ। ਪਟਿਆਲਾ ਦੇ ਮਹਾਰਾਜਾ ਨੇ ਵੀ ਸਹਾਇਤਾ ਕੀਤੀ। ਪਾਕਿਸਤਾਨ ਸਰਕਾਰ ਨੇ ਵੀ ਉਸ ਦੀ ਮੌਤ ਤੱਕ ਦੇ ਇਲਾਜ ਉਤੇ ਹੋਣ ਵਾਲਾ ਖਰਚਾ ਚੁੱਕਿਆ।

ਗਾਮੇ ਦੀ ਤਾਕਤ ਉਸ ਦੀ ਵਰਜ਼ਿਸ਼ ਅਤੇ ਖੁਰਾਕ ਸੀ। ਤਿੰਨ ਦੇਸੀ ਬੱਕਰੇ, ਛੇ ਦੇਸੀ ਮੁਰਗੇ, 10 ਲਿਟਰ ਦੁੱਧ, ਅੱਧਾ ਕਿਲੋ ਬਦਾਮਾਂ ਦੀ ਸਰਦਈ, ਅੱਧਾ ਕਿਲੋ ਘਿਓ, ਢਾਈ ਕਿਲੋ ਮੱਖਣ, ਤਿੰਨ ਬਾਲਟੀਆਂ ਮੌਸਮੀ ਫਲਾਂ ਦੀਆਂ ਅਤੇ ਤਾਜ਼ਾ ਫਲਾਂ ਦਾ ਜੂਸ ਗਾਮੇ ਦੀ ਖੁਰਾਕ ਦਾ ਹਿੱਸਾ ਸੀ। ਗਾਮਾ ਹੱਡ ਭੰਨਵੀਂ ਕਸਰਤ ਕਰਦਾ ਸੀ। ਮਿੱਟੀ ਨਾਲ ਮਿੱਟੀ ਹੁੰਦੇ ਗਾਮੇ ਦੇ ਪਿੰਡੇ ਤੋਂ ਪਸੀਨਾ ਚਸ਼ਮੇ ਵਾਂਗ ਵਗਦਾ ਸੀ। ਮਧਰੇ ਕੱਦ ਦੇ ਗਾਮੇ ਦਾ ਭਾਰ 80 ਕਿਲੋ (200 ਪੌਂਡ) ਸੀ। ਉਸ ਦੀ ਛਾਤੀ 56 ਇੰਚ ਅਤੇ ਡੌਲਾ 21 ਇੰਚ ਦਾ ਸੀ। ਗਾਮਾ ਆਪਣੀ ਤਾਕਤ ਨਾਲ ਹੀ ਆਪਣੇ ਤੋਂ ਡੇਢ ਗੁਣਾਂ ਭਾਰੇ ਜ਼ਬਿਸਕੋ ਨੂੰ ਹਰਾ ਕੇ ਵਿਸ਼ਵ ਚੈਂਪੀਅਨ ਬਣਿਆ ਸੀ। ਜ਼ਬਿਸਕੋ ਨੇ ਗਾਮੇ ਬਾਰੇ ਆਖਿਆ ਸੀ ਕਿ ਉਹ ਬਿਜਲੀ ਸਮਾਨ ਹੈ। ਬਰੂਸ ਲੀ ਵੀ ਗਾਮੇ ਦੀ ਕਸਰਤ ਦਾ ਉਪਾਸ਼ਕ ਸੀ। ਗਾਮੇ ਦੀ ਰੋਜ਼ਾਨਾ ਕਸਰਤ ਵਿੱਚ ਪੰਜ ਸੌ ਬੈਠਕਾਂ, ਹਜ਼ਾਰ ਤੋਂ ਵੱਧ ਡੰਡ ਸ਼ਾਮਲ ਸਨ। ਕੁਇੰਟਲ ਭਾਰ ਚੱਕੀ ਲੈਕੇ ਸਮਾਂ ਵੇਟਰਨਿੰਗ ਕਰਦਾ ਸੀ।

ਗਾਮਾ ਦੋਸਤੀ ਨਿਭਾਉਣ ਵਾਲਾ ਇਨਸਾਨ ਸੀ। ਇਕੇਰਾਂ ਉਹ ਦਤੀਏ ਗਿਆ ਸੀ ਤਾਂ ਪਿੱਛੋਂ ਉਸ ਦੇ 13 ਵਰ੍ਹਿਆਂ ਦੇ ਪੁੱਤਰ ਜਲਾਲੁਦੀਨ ਦੇ ਫੌਤ ਹੋਣ ਦੀ ਖ਼ਬਰ ਮਿਲੀ। ਗਾਮੇ ਨੇ ਤਾਰ ਭੇਜ ਕੇ ਲਿਖਿਆ ਕਿ ਉਸ ਦਾ ਦੋਸਤ ਪੂਰਾ ਹੋ ਗਿਆ ਹੈ ਅਤੇ ਉਸ ਦੇ ਪੁੱਤਰ ਨੂੰ ਦਫ਼ਨ ਕਰ ਦੇਵੋ। ਗਾਮੇ ਨੇ ਆਪਣੇ ਪੁੱਤਰ ਦੀ ਬਜਾਏ ਦੋਸਤ ਦੀਆਂ ਅੰਤਿਮ ਰਸਮਾਂ ਨੂੰ ਪਹਿਲ ਦਿੱਤੀ। ਗਾਮੇ ਦੀ ਮਹਾਨਤਾ ਦੇ ਕਿੱਸੇ ਕਵੀਆਂ, ਕਵੀਸ਼ਰਾਂ, ਗਾਉਣ ਵਾਲਿਆਂ ਨੇ ਵੀ ਗਾਏ। ਮਹਾਨ ਕਵੀਸ਼ਰ ਬਾਬੂ ਰਜ਼ਬ ਅਲੀ ਲਿਖਦੇ ਹਨ, "ਮਾਂ ਦੇ ਲਾਲ ਜ਼ਬਿਸਕੋ ਢਾਹਿਆ" ਕੋਈ ਲਿਖਦਾ ਹੈ, "ਜਿੱਥੇ ਗਾਮੇ ਦਾ ਨਾਮ ਪਟਿਆਲੇ ਦਾ ਜੋ, ਜਦੋਂ ਰੁਸਤਮ-ਏ-ਜ਼ਮਾਂ ਕਹਾਉਂਦੇ ਨੇ।" ਗਾਮੇ ਨੇ ਸੰਤਾਲੀ ਦੀ ਵੰਡ ਵੇਲੇ ਲਾਹੌਰ ਵਿਖੇ ਕਈ ਹਿੰਦੂ ਪਰਿਵਾਰਾਂ ਦੀ ਭੀੜ ਤੋਂ ਜਾਨ ਬਚਾਈ ਸੀ।

ਗਾਮਾ ਅੱਜ ਵੀ ਤਾਕਤ ਦੀ ਮਿੱਥ ਬਣਿਆ ਹੋਇਆ ਹੈ ਅਤੇ ਕਿਸੇ ਵੀ ਵਿਅਕਤੀ ਵੱਲੋਂ ਆਪਣੇ ਆਪ ਨੂੰ ਸ਼ਕਤੀਸ਼ਾਲੀ ਪੇਸ਼ ਕਰਨ ਉਤੇ ਉਸ ਨੂੰ ਇਹ ਕਹਿ ਕੇ ਛੇੜਿਆ ਜਾਂਦਾ ਹੈ, "ਆਇਆ ਵੱਡਾ ਗਾਮਾ।"

ਗਾਮੇ ਦੇ ਭਰਾ ਇਮਾਮ ਬਖ਼ਸ਼ ਦੀ ਪੋਤਰੀ ਕਲਸੂਮ ਪਾਕਿਸਤਾਨ ਦੇ ਸਾਬਕਾ ਪ੍ਰਧਾਨ ਮੰਤਰੀ ਨਵਾਜ਼ ਸ਼ਰੀਫ਼ ਦੀ ਪਤਨੀ ਹੈ ਅਤੇ ਪੜਪੋਤਰੀ ਮਰੀਅਮ ਨਵਾਜ਼ ਮੌਜੂਦਾ ਸਮੇਂ ਲਹਿੰਦੇ ਪੰਜਾਬ ਦੀ ਮੁੱਖ ਮੰਤਰੀ ਹੈ। ਇਸ ਤੋਂ ਇਲਾਵਾ ਗਾਮੇ ਦੇ ਪਰਿਵਾਰ ਵਿੱਚੋਂ ਹੋਰ ਵੀ ਕਈ ਮੈਂਬਰਾਂ ਨੇ ਪਾਕਿਸਤਾਨ ਵਿੱਚ ਵੱਡੇ ਮੁਕਾਮ ਹਾਸਲ ਕੀਤੇ ਹਨ।
